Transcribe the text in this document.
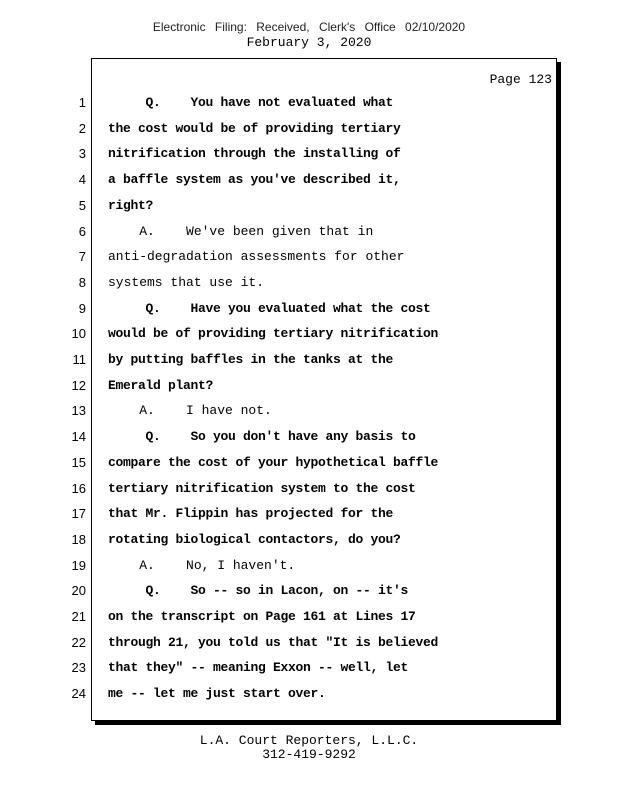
Electronic Filing: Received, Clerk's Office 02/10/2020
February 3, 2020
Page 123
1 Q.    You have not evaluated what
2 the cost would be of providing tertiary
3 nitrification through the installing of
4 a baffle system as you've described it,
5 right?
6 A.    We've been given that in
7 anti-degradation assessments for other
8 systems that use it.
9 Q.    Have you evaluated what the cost
10 would be of providing tertiary nitrification
11 by putting baffles in the tanks at the
12 Emerald plant?
13 A.    I have not.
14 Q.    So you don't have any basis to
15 compare the cost of your hypothetical baffle
16 tertiary nitrification system to the cost
17 that Mr. Flippin has projected for the
18 rotating biological contactors, do you?
19 A.    No, I haven't.
20 Q.    So -- so in Lacon, on -- it's
21 on the transcript on Page 161 at Lines 17
22 through 21, you told us that "It is believed
23 that they" -- meaning Exxon -- well, let
24 me -- let me just start over.
L.A. Court Reporters, L.L.C.
312-419-9292
